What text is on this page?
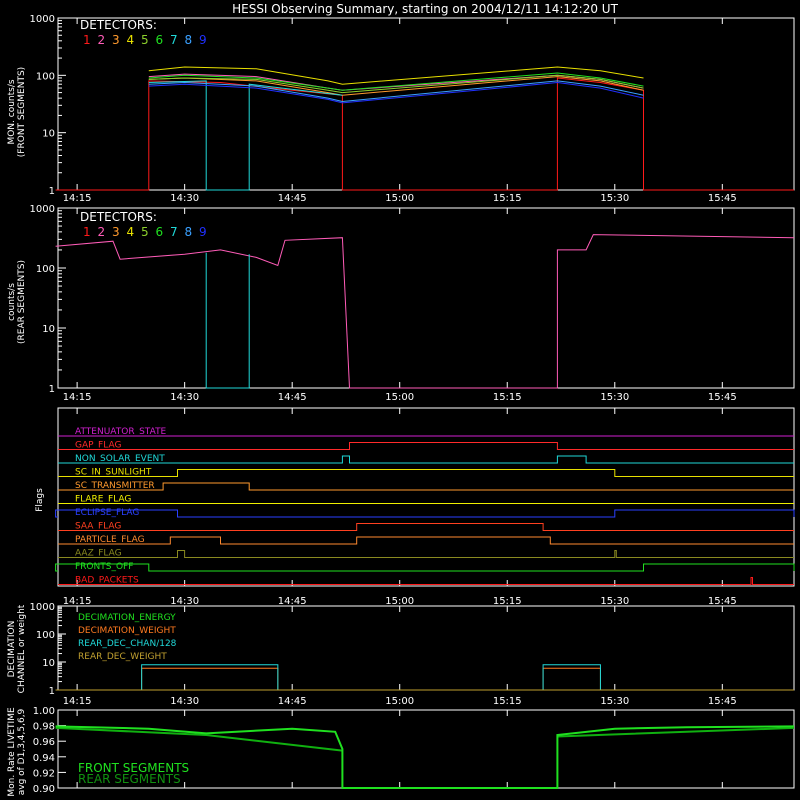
HESSI Observing Summary, starting on 2004/12/11 14:12:20 UT
1
10
100
1000
14:15	14:30	14:45	15:00	15:15	15:30	15:45
MON. counts/s (FRONT SEGMENTS)
DETECTORS:
1 2 3 4 5 6 7 8 9
1
10
100
1000
14:15	14:30	14:45	15:00	15:15	15:30	15:45
counts/s (REAR SEGMENTS)
DETECTORS:
1 2 3 4 5 6 7 8 9
14:15	14:30	14:45	15:00	15:15	15:30	15:45
ATTENUATOR_STATE
GAP_FLAG
NON_SOLAR_EVENT
SC_IN_SUNLIGHT
SC_TRANSMITTER
FLARE_FLAG
ECLIPSE_FLAG
SAA_FLAG
PARTICLE_FLAG
AAZ_FLAG
FRONTS_OFF
BAD_PACKETS
Flags
1
10
100
1000
14:15	14:30	14:45	15:00	15:15	15:30	15:45
DECIMATION_ENERGY
DECIMATION_WEIGHT
REAR_DEC_CHAN/128
REAR_DEC_WEIGHT
DECIMATION CHANNEL or weight
0.90
0.92
0.94
0.96
0.98
1.00
Mon. Rate LIVETIME avg of D1,3,4,5,6,9	FRONT SEGMENTS
REAR SEGMENTS
